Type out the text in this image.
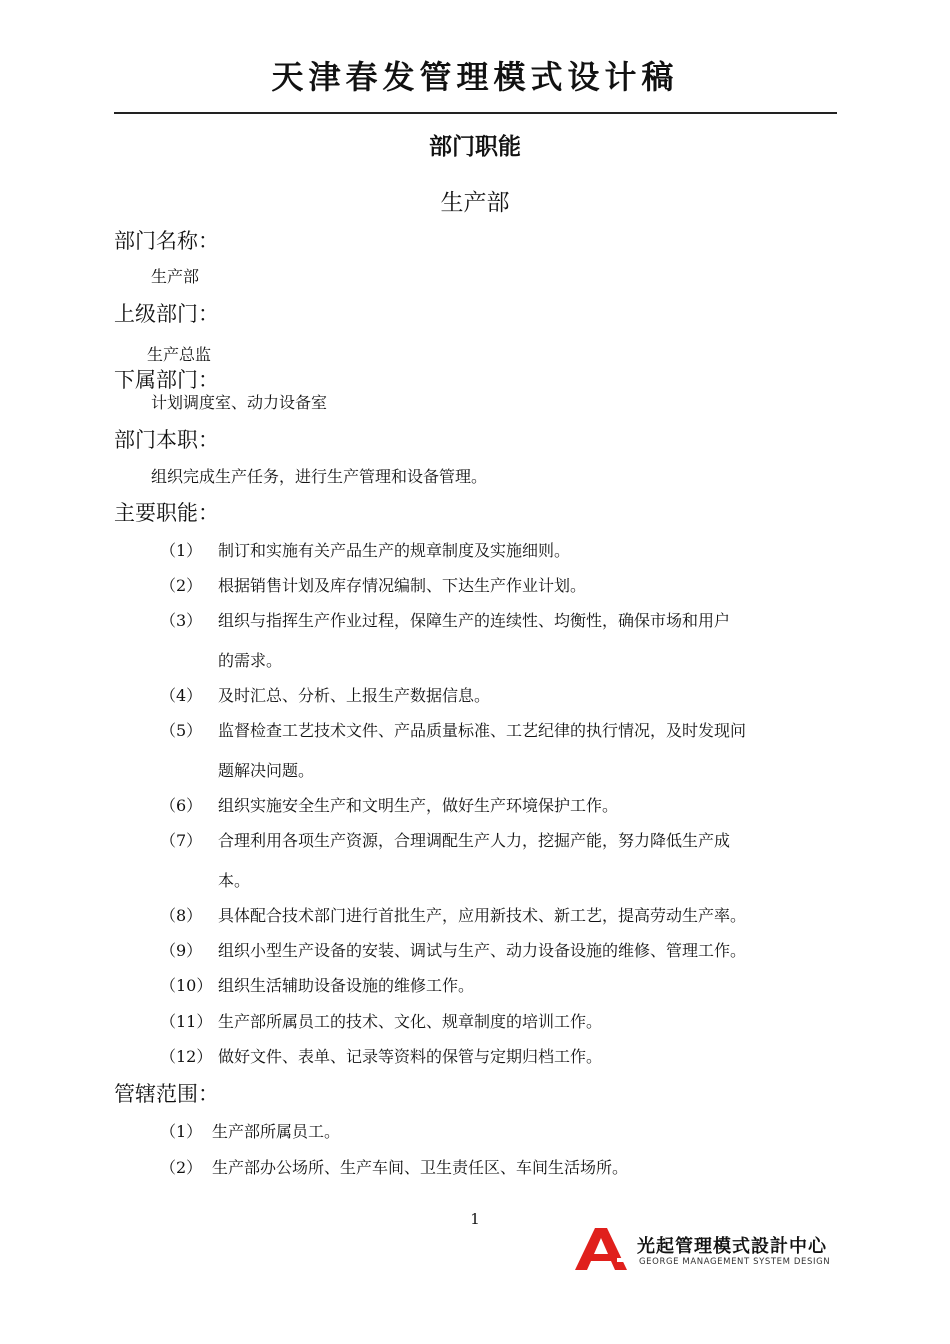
天津春发管理模式设计稿
部门职能
生产部
部门名称：
生产部
上级部门：
生产总监
下属部门：
计划调度室、动力设备室
部门本职：
组织完成生产任务，进行生产管理和设备管理。
主要职能：
（1） 制订和实施有关产品生产的规章制度及实施细则。
（2） 根据销售计划及库存情况编制、下达生产作业计划。
（3） 组织与指挥生产作业过程，保障生产的连续性、均衡性，确保市场和用户
的需求。
（4） 及时汇总、分析、上报生产数据信息。
（5） 监督检查工艺技术文件、产品质量标准、工艺纪律的执行情况，及时发现问
题解决问题。
（6） 组织实施安全生产和文明生产，做好生产环境保护工作。
（7） 合理利用各项生产资源，合理调配生产人力，挖掘产能，努力降低生产成
本。
（8） 具体配合技术部门进行首批生产，应用新技术、新工艺，提高劳动生产率。
（9） 组织小型生产设备的安装、调试与生产、动力设备设施的维修、管理工作。
（10） 组织生活辅助设备设施的维修工作。
（11） 生产部所属员工的技术、文化、规章制度的培训工作。
（12） 做好文件、表单、记录等资料的保管与定期归档工作。
管辖范围：
（1） 生产部所属员工。
（2） 生产部办公场所、生产车间、卫生责任区、车间生活场所。
1
光起管理模式設計中心
GEORGE MANAGEMENT SYSTEM DESIGN
